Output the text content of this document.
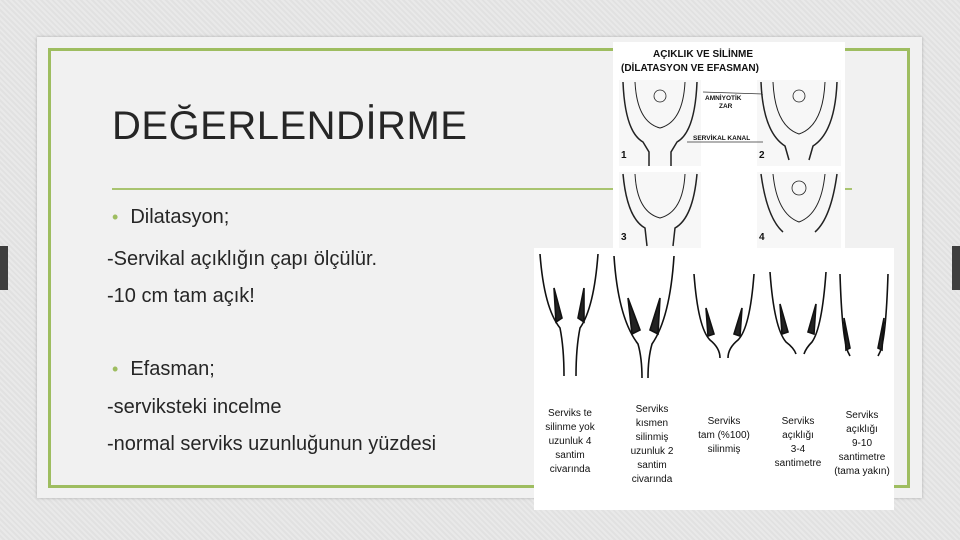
DEĞERLENDİRME
• Dilatasyon;
-Servikal açıklığın çapı ölçülür.
-10 cm tam açık!
• Efasman;
-serviksteki incelme
-normal serviks uzunluğunun yüzdesi
AÇIKLIK VE SİLİNME
(DİLATASYON VE EFASMAN)
AMNİYOTİK
ZAR
SERVİKAL KANAL
1	2
3	4
Serviks te
silinme yok
uzunluk 4
santim
civarında
Serviks
kısmen
silinmiş
uzunluk 2
santim
civarında
Serviks
tam (%100)
silinmiş
Serviks
açıklığı
3-4
santimetre
Serviks
açıklığı
9-10
santimetre
(tama yakın)
